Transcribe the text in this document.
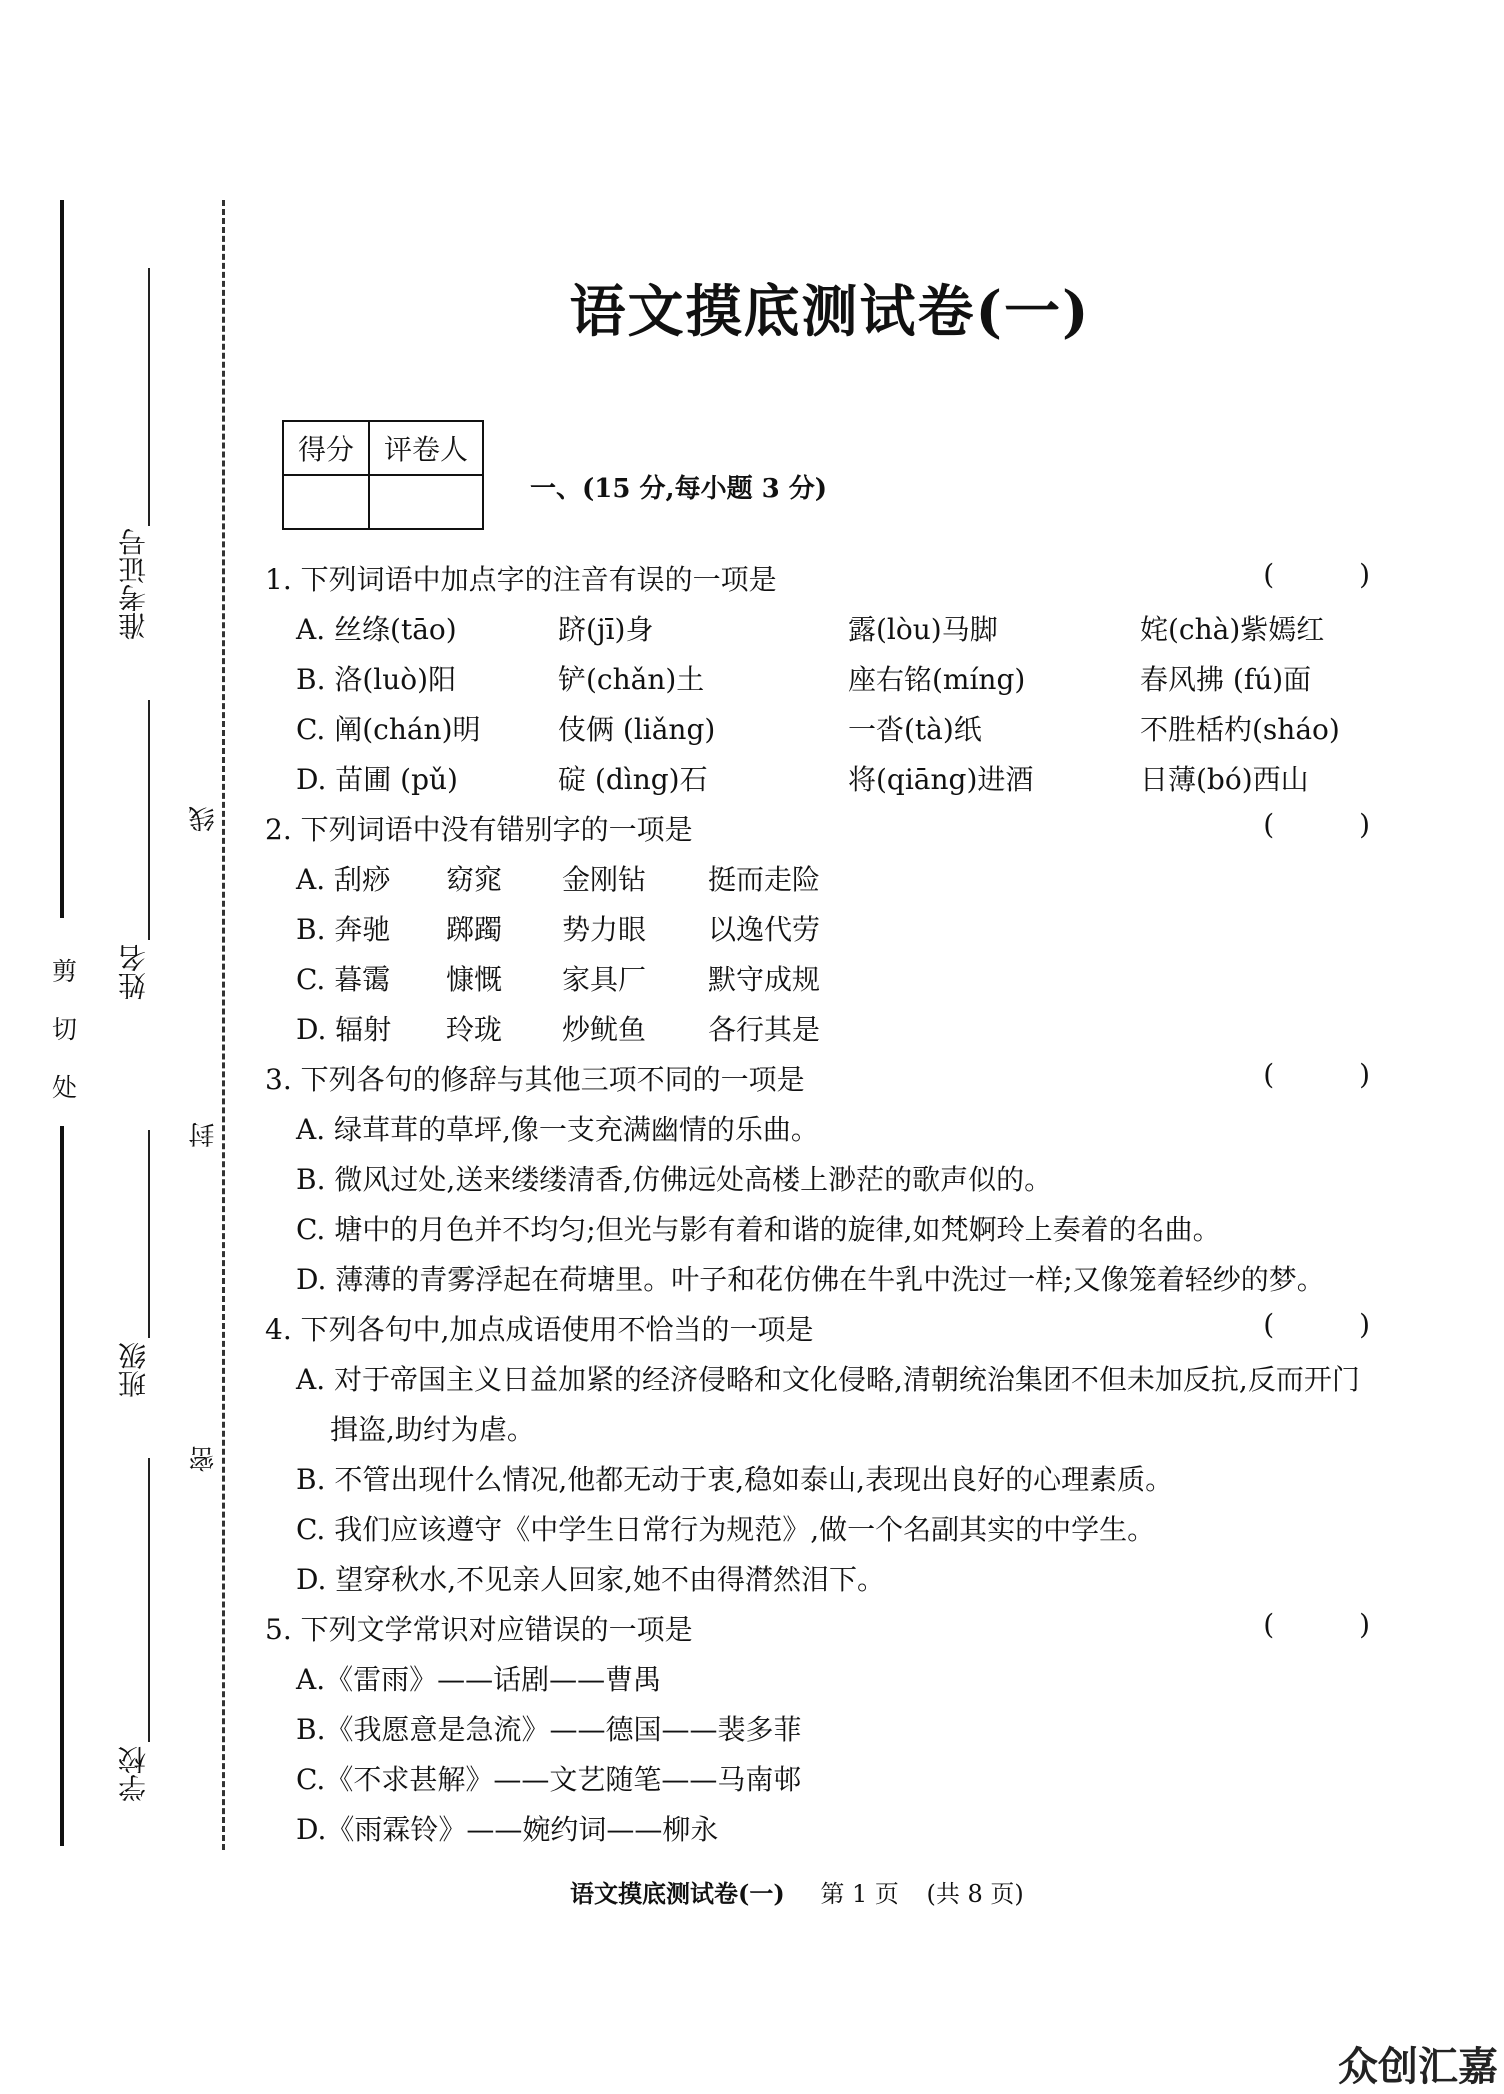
剪
切
处
准考证号
姓名
班级
学校
线
封
密
语文摸底测试卷(一)
得分	评卷人

一、(15 分,每小题 3 分)
1. 下列词语中加点字的注音有误的一项是	( )
A. 丝绦(tāo)	跻(jī)身	露(lòu)马脚	姹(chà)紫嫣红
B. 洛(luò)阳	铲(chǎn)土	座右铭(míng)	春风拂 (fú)面
C. 阐(chán)明	伎俩 (liǎng)	一沓(tà)纸	不胜栝杓(sháo)
D. 苗圃 (pǔ)	碇 (dìng)石	将(qiāng)进酒	日薄(bó)西山
2. 下列词语中没有错别字的一项是	( )
A. 刮痧 窈窕 金刚钻 挺而走险
B. 奔驰 踯躅 势力眼 以逸代劳
C. 暮霭 慷慨 家具厂 默守成规
D. 辐射 玲珑 炒鱿鱼 各行其是
3. 下列各句的修辞与其他三项不同的一项是	( )
A. 绿茸茸的草坪,像一支充满幽情的乐曲。
B. 微风过处,送来缕缕清香,仿佛远处高楼上渺茫的歌声似的。
C. 塘中的月色并不均匀;但光与影有着和谐的旋律,如梵婀玲上奏着的名曲。
D. 薄薄的青雾浮起在荷塘里。叶子和花仿佛在牛乳中洗过一样;又像笼着轻纱的梦。
4. 下列各句中,加点成语使用不恰当的一项是	( )
A. 对于帝国主义日益加紧的经济侵略和文化侵略,清朝统治集团不但未加反抗,反而开门
揖盗,助纣为虐。
B. 不管出现什么情况,他都无动于衷,稳如泰山,表现出良好的心理素质。
C. 我们应该遵守《中学生日常行为规范》,做一个名副其实的中学生。
D. 望穿秋水,不见亲人回家,她不由得潸然泪下。
5. 下列文学常识对应错误的一项是	( )
A.《雷雨》——话剧——曹禺
B.《我愿意是急流》——德国——裴多菲
C.《不求甚解》——文艺随笔——马南邨
D.《雨霖铃》——婉约词——柳永
语文摸底测试卷(一) 第 1 页 (共 8 页)
众创汇嘉
